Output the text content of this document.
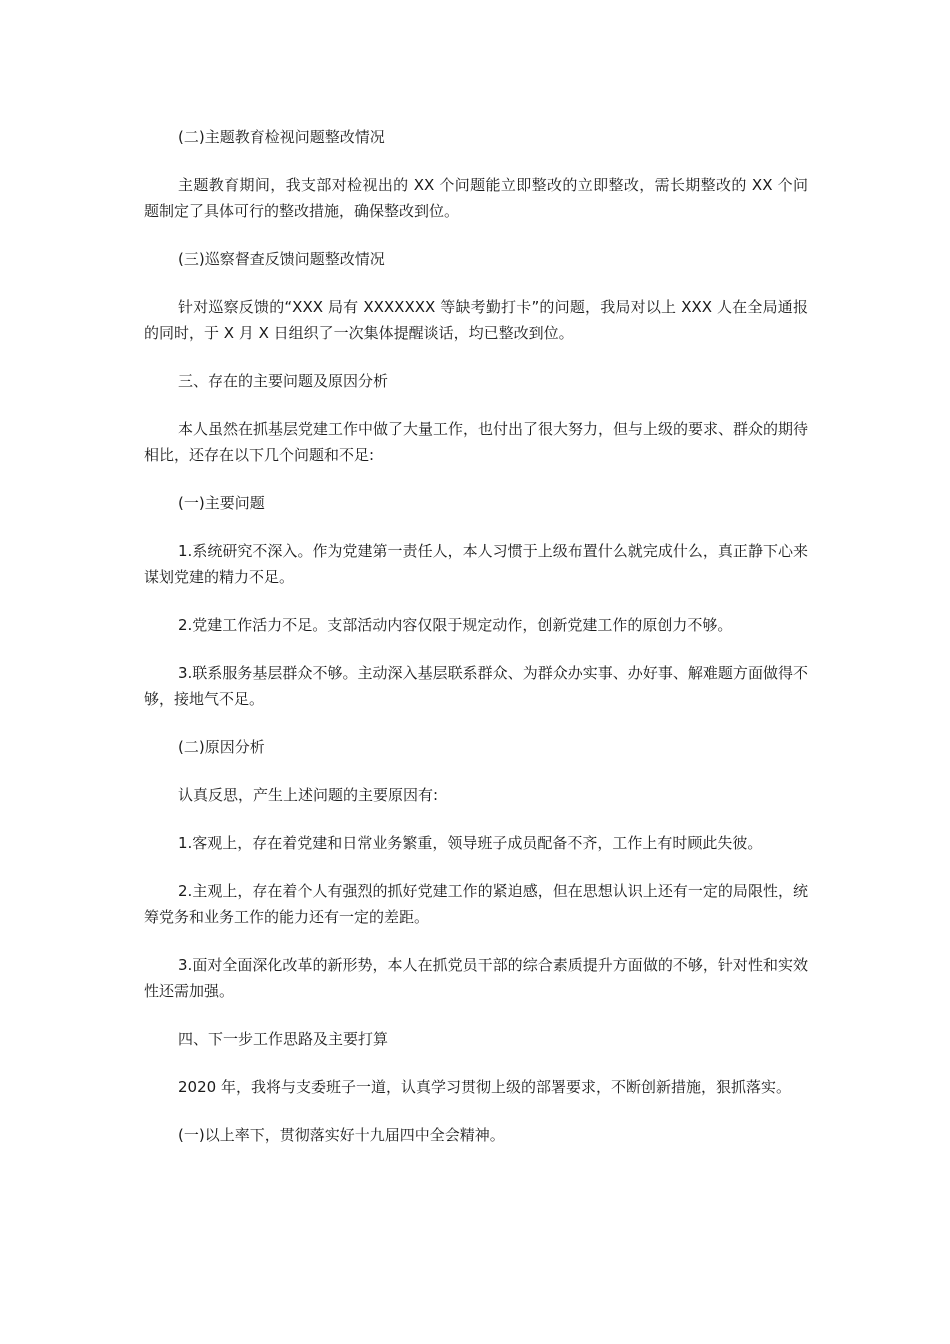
(二)主题教育检视问题整改情况

主题教育期间，我支部对检视出的 XX 个问题能立即整改的立即整改，需长期整改的 XX 个问题制定了具体可行的整改措施，确保整改到位。

(三)巡察督查反馈问题整改情况

针对巡察反馈的“XXX 局有 XXXXXXX 等缺考勤打卡”的问题，我局对以上 XXX 人在全局通报的同时，于 X 月 X 日组织了一次集体提醒谈话，均已整改到位。

三、存在的主要问题及原因分析

本人虽然在抓基层党建工作中做了大量工作，也付出了很大努力，但与上级的要求、群众的期待相比，还存在以下几个问题和不足:

(一)主要问题

1.系统研究不深入。作为党建第一责任人，本人习惯于上级布置什么就完成什么，真正静下心来谋划党建的精力不足。

2.党建工作活力不足。支部活动内容仅限于规定动作，创新党建工作的原创力不够。

3.联系服务基层群众不够。主动深入基层联系群众、为群众办实事、办好事、解难题方面做得不够，接地气不足。

(二)原因分析

认真反思，产生上述问题的主要原因有:

1.客观上，存在着党建和日常业务繁重，领导班子成员配备不齐，工作上有时顾此失彼。

2.主观上，存在着个人有强烈的抓好党建工作的紧迫感，但在思想认识上还有一定的局限性，统筹党务和业务工作的能力还有一定的差距。

3.面对全面深化改革的新形势，本人在抓党员干部的综合素质提升方面做的不够，针对性和实效性还需加强。

四、下一步工作思路及主要打算

2020 年，我将与支委班子一道，认真学习贯彻上级的部署要求，不断创新措施，狠抓落实。

(一)以上率下，贯彻落实好十九届四中全会精神。
